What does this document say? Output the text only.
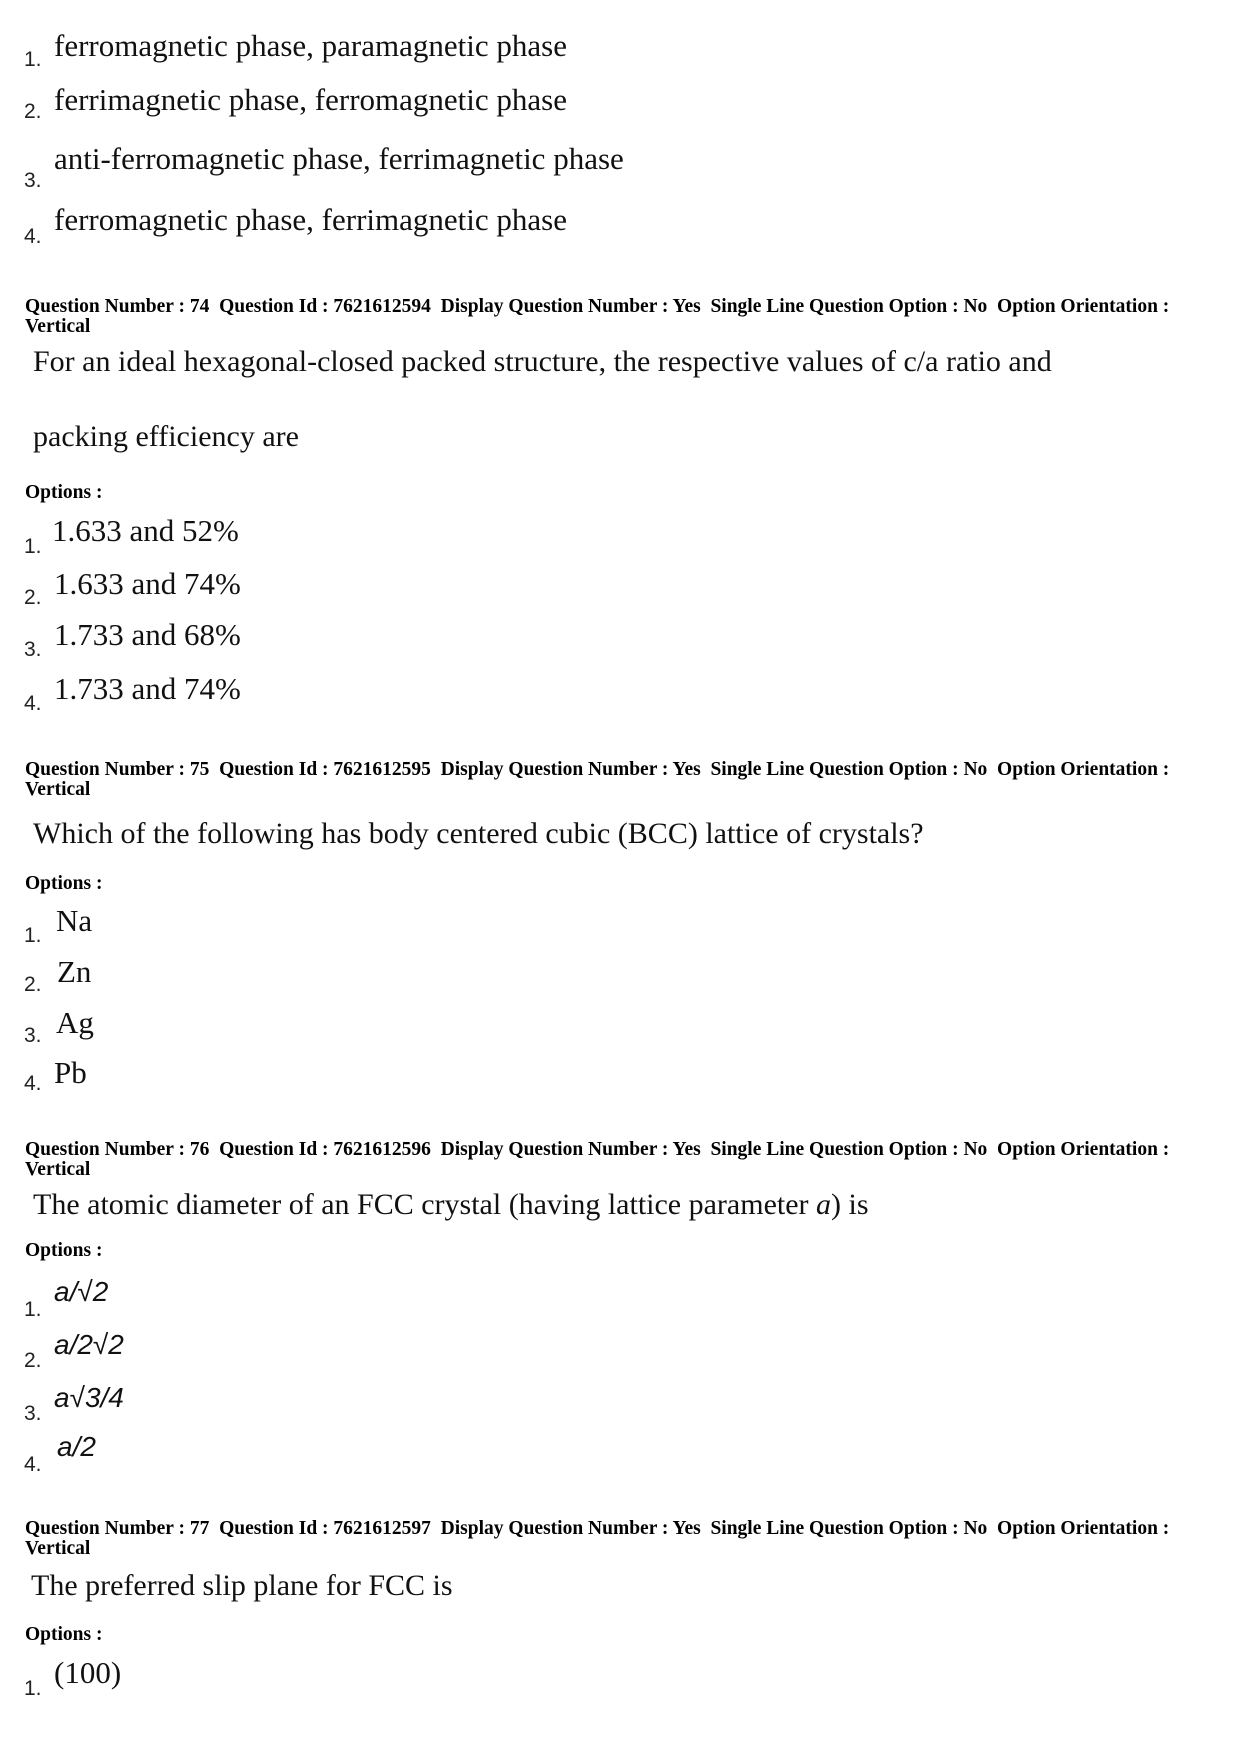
1. ferromagnetic phase, paramagnetic phase
2. ferrimagnetic phase, ferromagnetic phase
3.
anti-ferromagnetic phase, ferrimagnetic phase
4. ferromagnetic phase, ferrimagnetic phase
Question Number : 74  Question Id : 7621612594  Display Question Number : Yes  Single Line Question Option : No  Option Orientation : Vertical
For an ideal hexagonal-closed packed structure, the respective values of c/a ratio and
packing efficiency are
Options :
1. 1.633 and 52%
2. 1.633 and 74%
3. 1.733 and 68%
4. 1.733 and 74%
Question Number : 75  Question Id : 7621612595  Display Question Number : Yes  Single Line Question Option : No  Option Orientation : Vertical
Which of the following has body centered cubic (BCC) lattice of crystals?
Options :
1. Na
2. Zn
3. Ag
4. Pb
Question Number : 76  Question Id : 7621612596  Display Question Number : Yes  Single Line Question Option : No  Option Orientation : Vertical
The atomic diameter of an FCC crystal (having lattice parameter a) is
Options :
1.
a/√2
2.
a/2√2
3.
a√3/4
4.
a/2
Question Number : 77  Question Id : 7621612597  Display Question Number : Yes  Single Line Question Option : No  Option Orientation : Vertical
The preferred slip plane for FCC is
Options :
1. (100)
